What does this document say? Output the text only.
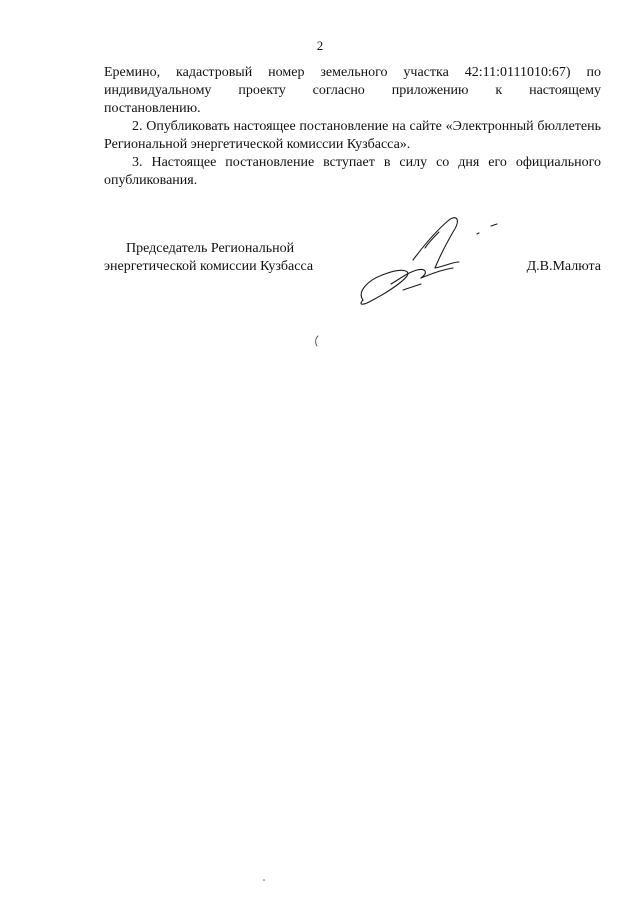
2
Еремино, кадастровый номер земельного участка 42:11:0111010:67) по
индивидуальному проекту согласно приложению к настоящему
постановлению.

2. Опубликовать настоящее постановление на сайте «Электронный бюллетень Региональной энергетической комиссии Кузбасса».

3. Настоящее постановление вступает в силу со дня его официального опубликования.

Председатель Региональной
энергетической комиссии Кузбасса	Д.В.Малюта
